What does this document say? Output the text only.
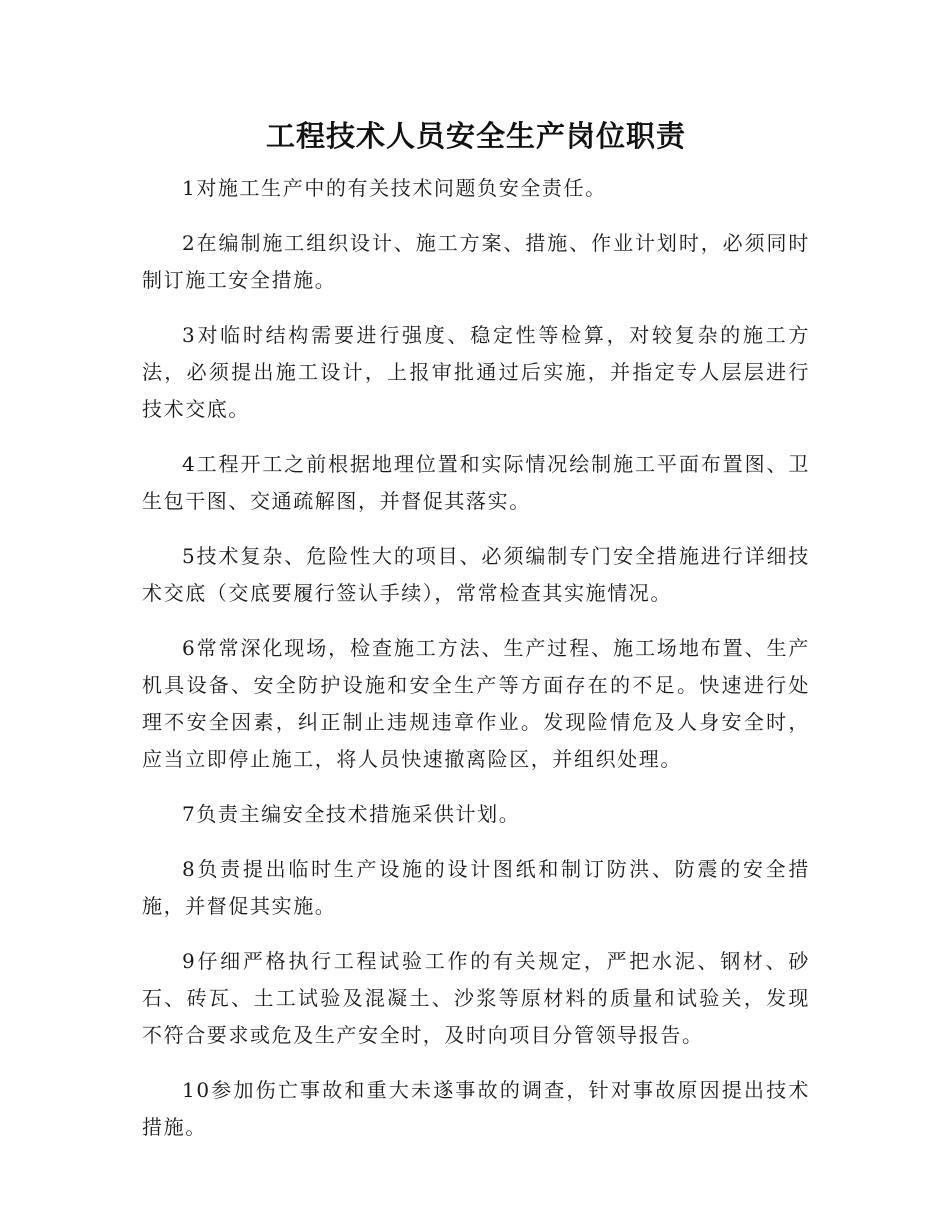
工程技术人员安全生产岗位职责

1对施工生产中的有关技术问题负安全责任。

2在编制施工组织设计、施工方案、措施、作业计划时，必须同时制订施工安全措施。

3对临时结构需要进行强度、稳定性等检算，对较复杂的施工方法，必须提出施工设计，上报审批通过后实施，并指定专人层层进行技术交底。

4工程开工之前根据地理位置和实际情况绘制施工平面布置图、卫生包干图、交通疏解图，并督促其落实。

5技术复杂、危险性大的项目、必须编制专门安全措施进行详细技术交底（交底要履行签认手续），常常检查其实施情况。

6常常深化现场，检查施工方法、生产过程、施工场地布置、生产机具设备、安全防护设施和安全生产等方面存在的不足。快速进行处理不安全因素，纠正制止违规违章作业。发现险情危及人身安全时，应当立即停止施工，将人员快速撤离险区，并组织处理。

7负责主编安全技术措施采供计划。

8负责提出临时生产设施的设计图纸和制订防洪、防震的安全措施，并督促其实施。

9仔细严格执行工程试验工作的有关规定，严把水泥、钢材、砂石、砖瓦、土工试验及混凝土、沙浆等原材料的质量和试验关，发现不符合要求或危及生产安全时，及时向项目分管领导报告。

10参加伤亡事故和重大未遂事故的调查，针对事故原因提出技术措施。
